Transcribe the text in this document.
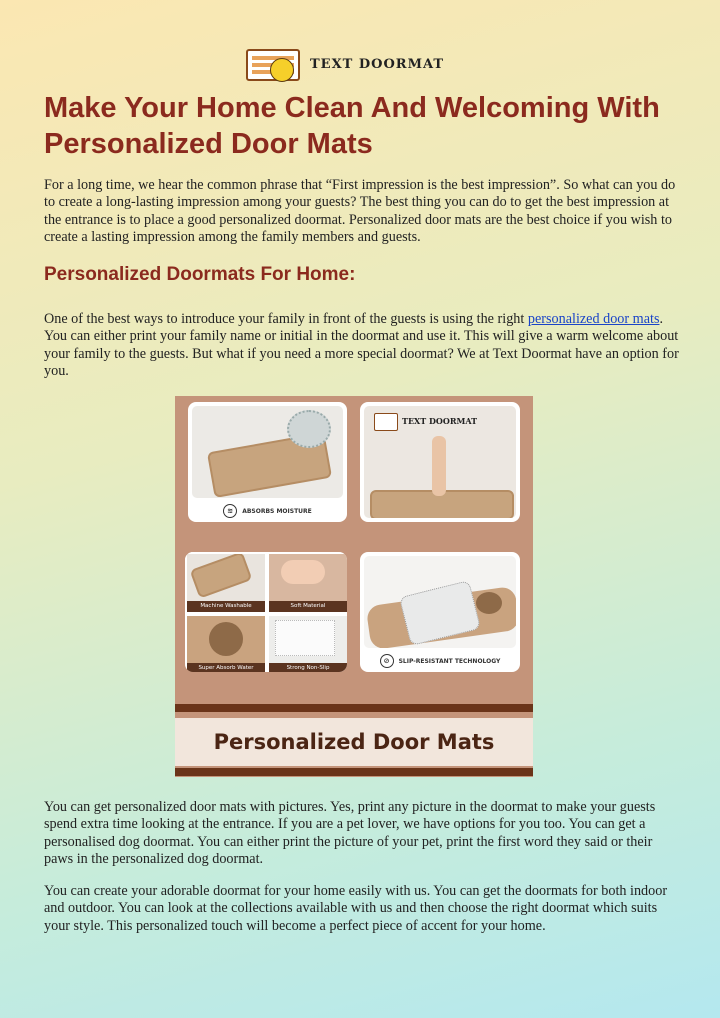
TEXT DOORMAT
Make Your Home Clean And Welcoming With Personalized Door Mats

For a long time, we hear the common phrase that “First impression is the best impression”. So what can you do to create a long-lasting impression among your guests? The best thing you can do to get the best impression at the entrance is to place a good personalized doormat. Personalized door mats are the best choice if you wish to create a lasting impression among the family members and guests.

Personalized Doormats For Home:

One of the best ways to introduce your family in front of the guests is using the right personalized door mats. You can either print your family name or initial in the doormat and use it. This will give a warm welcome about your family to the guests. But what if you need a more special doormat? We at Text Doormat have an option for you.

≋	ABSORBS MOISTURE
TEXT DOORMAT
Machine Washable	Soft Material
Super Absorb Water	Strong Non-Slip
⊘	SLIP-RESISTANT TECHNOLOGY
Personalized Door Mats

You can get personalized door mats with pictures. Yes, print any picture in the doormat to make your guests spend extra time looking at the entrance. If you are a pet lover, we have options for you too. You can get a personalised dog doormat. You can either print the picture of your pet, print the first word they said or their paws in the personalized dog doormat.

You can create your adorable doormat for your home easily with us. You can get the doormats for both indoor and outdoor. You can look at the collections available with us and then choose the right doormat which suits your style. This personalized touch will become a perfect piece of accent for your home.
